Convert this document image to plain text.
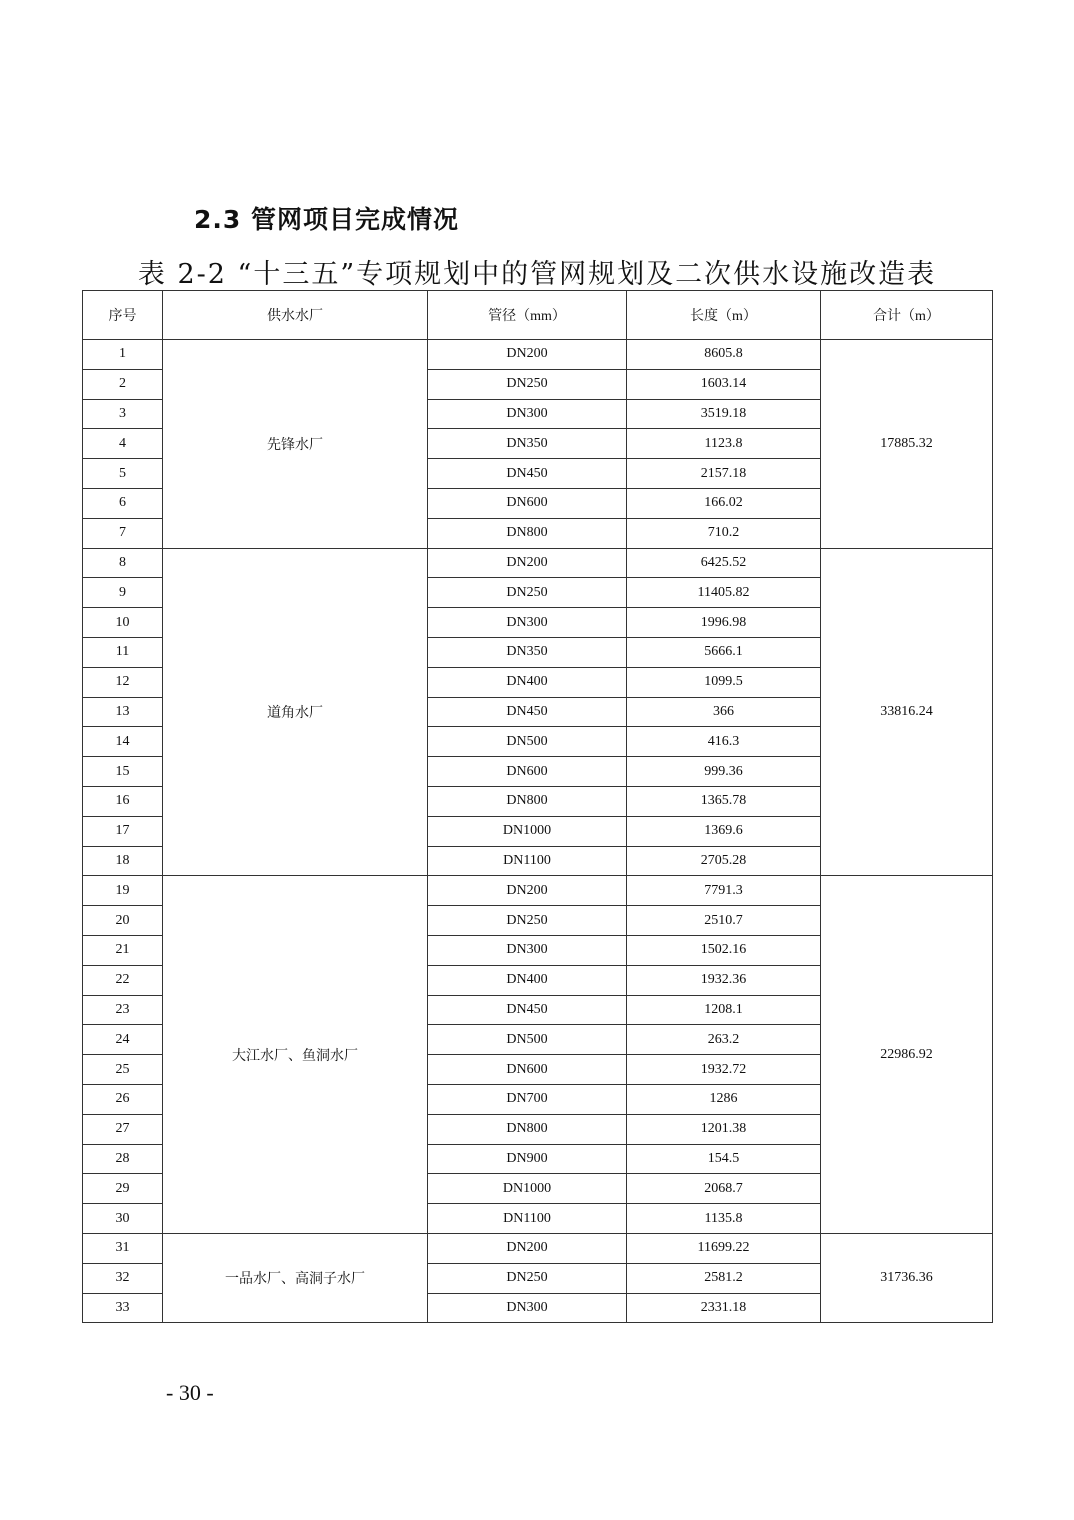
2.3 管网项目完成情况
表 2-2 “十三五”专项规划中的管网规划及二次供水设施改造表
序号	供水水厂	管径（mm）	长度（m）	合计（m）
1	先锋水厂	DN200	8605.8	17885.32
2		DN250	1603.14	
3		DN300	3519.18	
4		DN350	1123.8	
5		DN450	2157.18	
6		DN600	166.02	
7		DN800	710.2	
8	道角水厂	DN200	6425.52	33816.24
9		DN250	11405.82	
10		DN300	1996.98	
11		DN350	5666.1	
12		DN400	1099.5	
13		DN450	366	
14		DN500	416.3	
15		DN600	999.36	
16		DN800	1365.78	
17		DN1000	1369.6	
18		DN1100	2705.28	
19	大江水厂、鱼洞水厂	DN200	7791.3	22986.92
20		DN250	2510.7	
21		DN300	1502.16	
22		DN400	1932.36	
23		DN450	1208.1	
24		DN500	263.2	
25		DN600	1932.72	
26		DN700	1286	
27		DN800	1201.38	
28		DN900	154.5	
29		DN1000	2068.7	
30		DN1100	1135.8	
31	一品水厂、高洞子水厂	DN200	11699.22	31736.36
32		DN250	2581.2	
33		DN300	2331.18	
- 30 -
